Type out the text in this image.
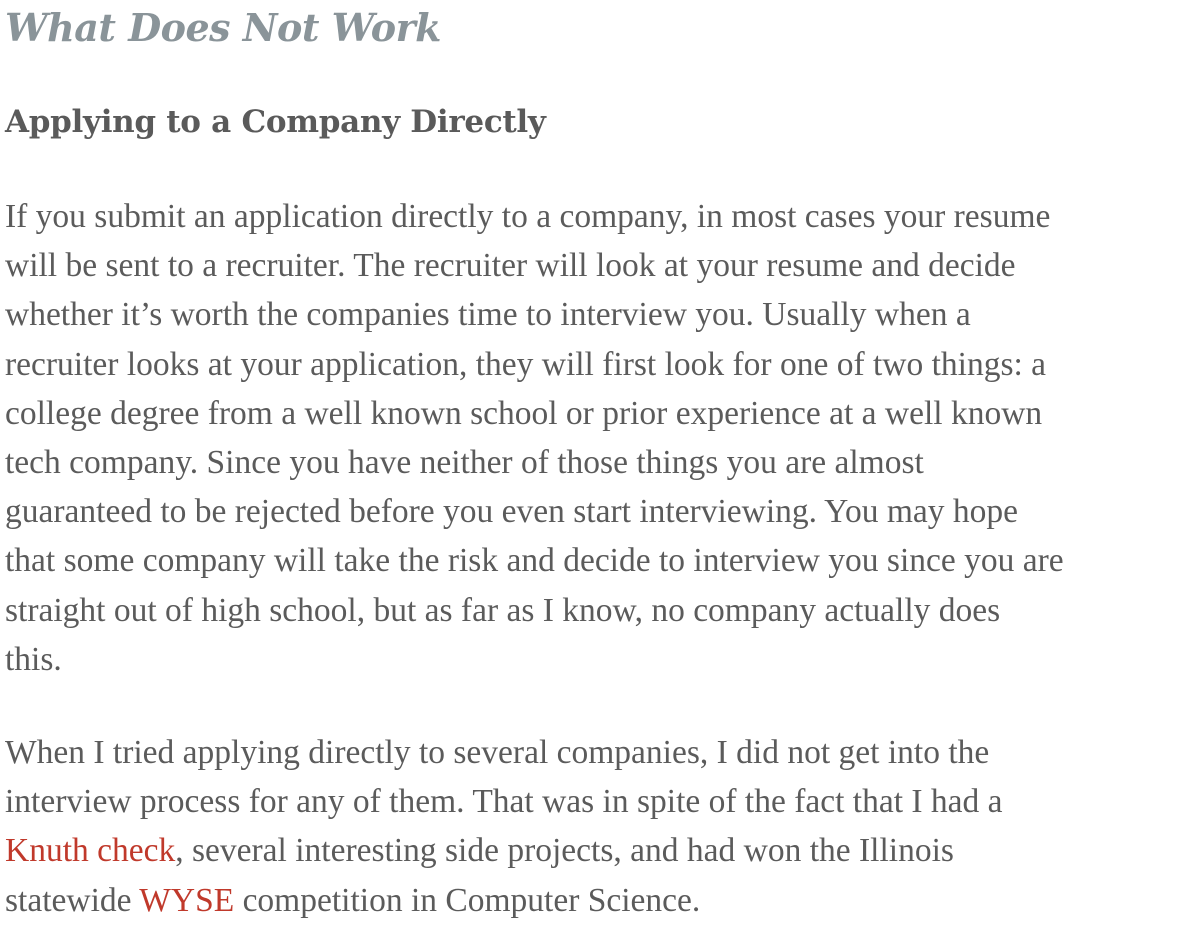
What Does Not Work
Applying to a Company Directly

If you submit an application directly to a company, in most cases your resume
will be sent to a recruiter. The recruiter will look at your resume and decide
whether it’s worth the companies time to interview you. Usually when a
recruiter looks at your application, they will first look for one of two things: a
college degree from a well known school or prior experience at a well known
tech company. Since you have neither of those things you are almost
guaranteed to be rejected before you even start interviewing. You may hope
that some company will take the risk and decide to interview you since you are
straight out of high school, but as far as I know, no company actually does
this.

When I tried applying directly to several companies, I did not get into the
interview process for any of them. That was in spite of the fact that I had a
Knuth check, several interesting side projects, and had won the Illinois
statewide WYSE competition in Computer Science.
